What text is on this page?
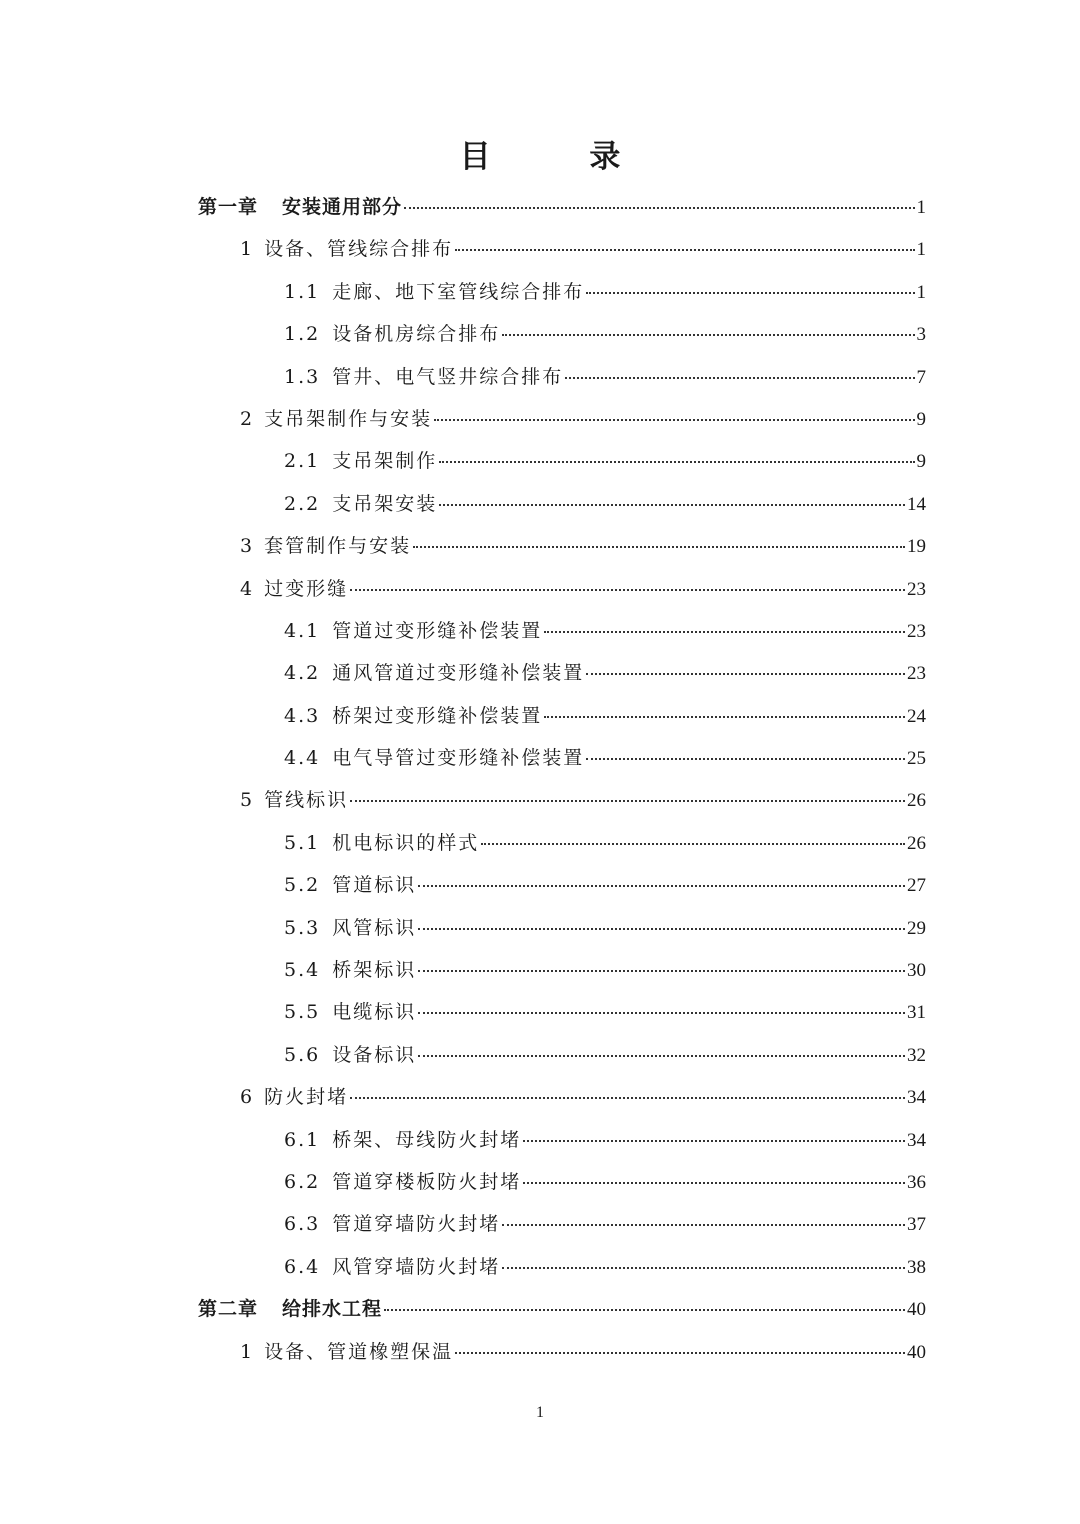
目 录
第一章 安装通用部分	1
1 设备、管线综合排布	1
1.1 走廊、地下室管线综合排布	1
1.2 设备机房综合排布	3
1.3 管井、电气竖井综合排布	7
2 支吊架制作与安装	9
2.1 支吊架制作	9
2.2 支吊架安装	14
3 套管制作与安装	19
4 过变形缝	23
4.1 管道过变形缝补偿装置	23
4.2 通风管道过变形缝补偿装置	23
4.3 桥架过变形缝补偿装置	24
4.4 电气导管过变形缝补偿装置	25
5 管线标识	26
5.1 机电标识的样式	26
5.2 管道标识	27
5.3 风管标识	29
5.4 桥架标识	30
5.5 电缆标识	31
5.6 设备标识	32
6 防火封堵	34
6.1 桥架、母线防火封堵	34
6.2 管道穿楼板防火封堵	36
6.3 管道穿墙防火封堵	37
6.4 风管穿墙防火封堵	38
第二章 给排水工程	40
1 设备、管道橡塑保温	40
1
